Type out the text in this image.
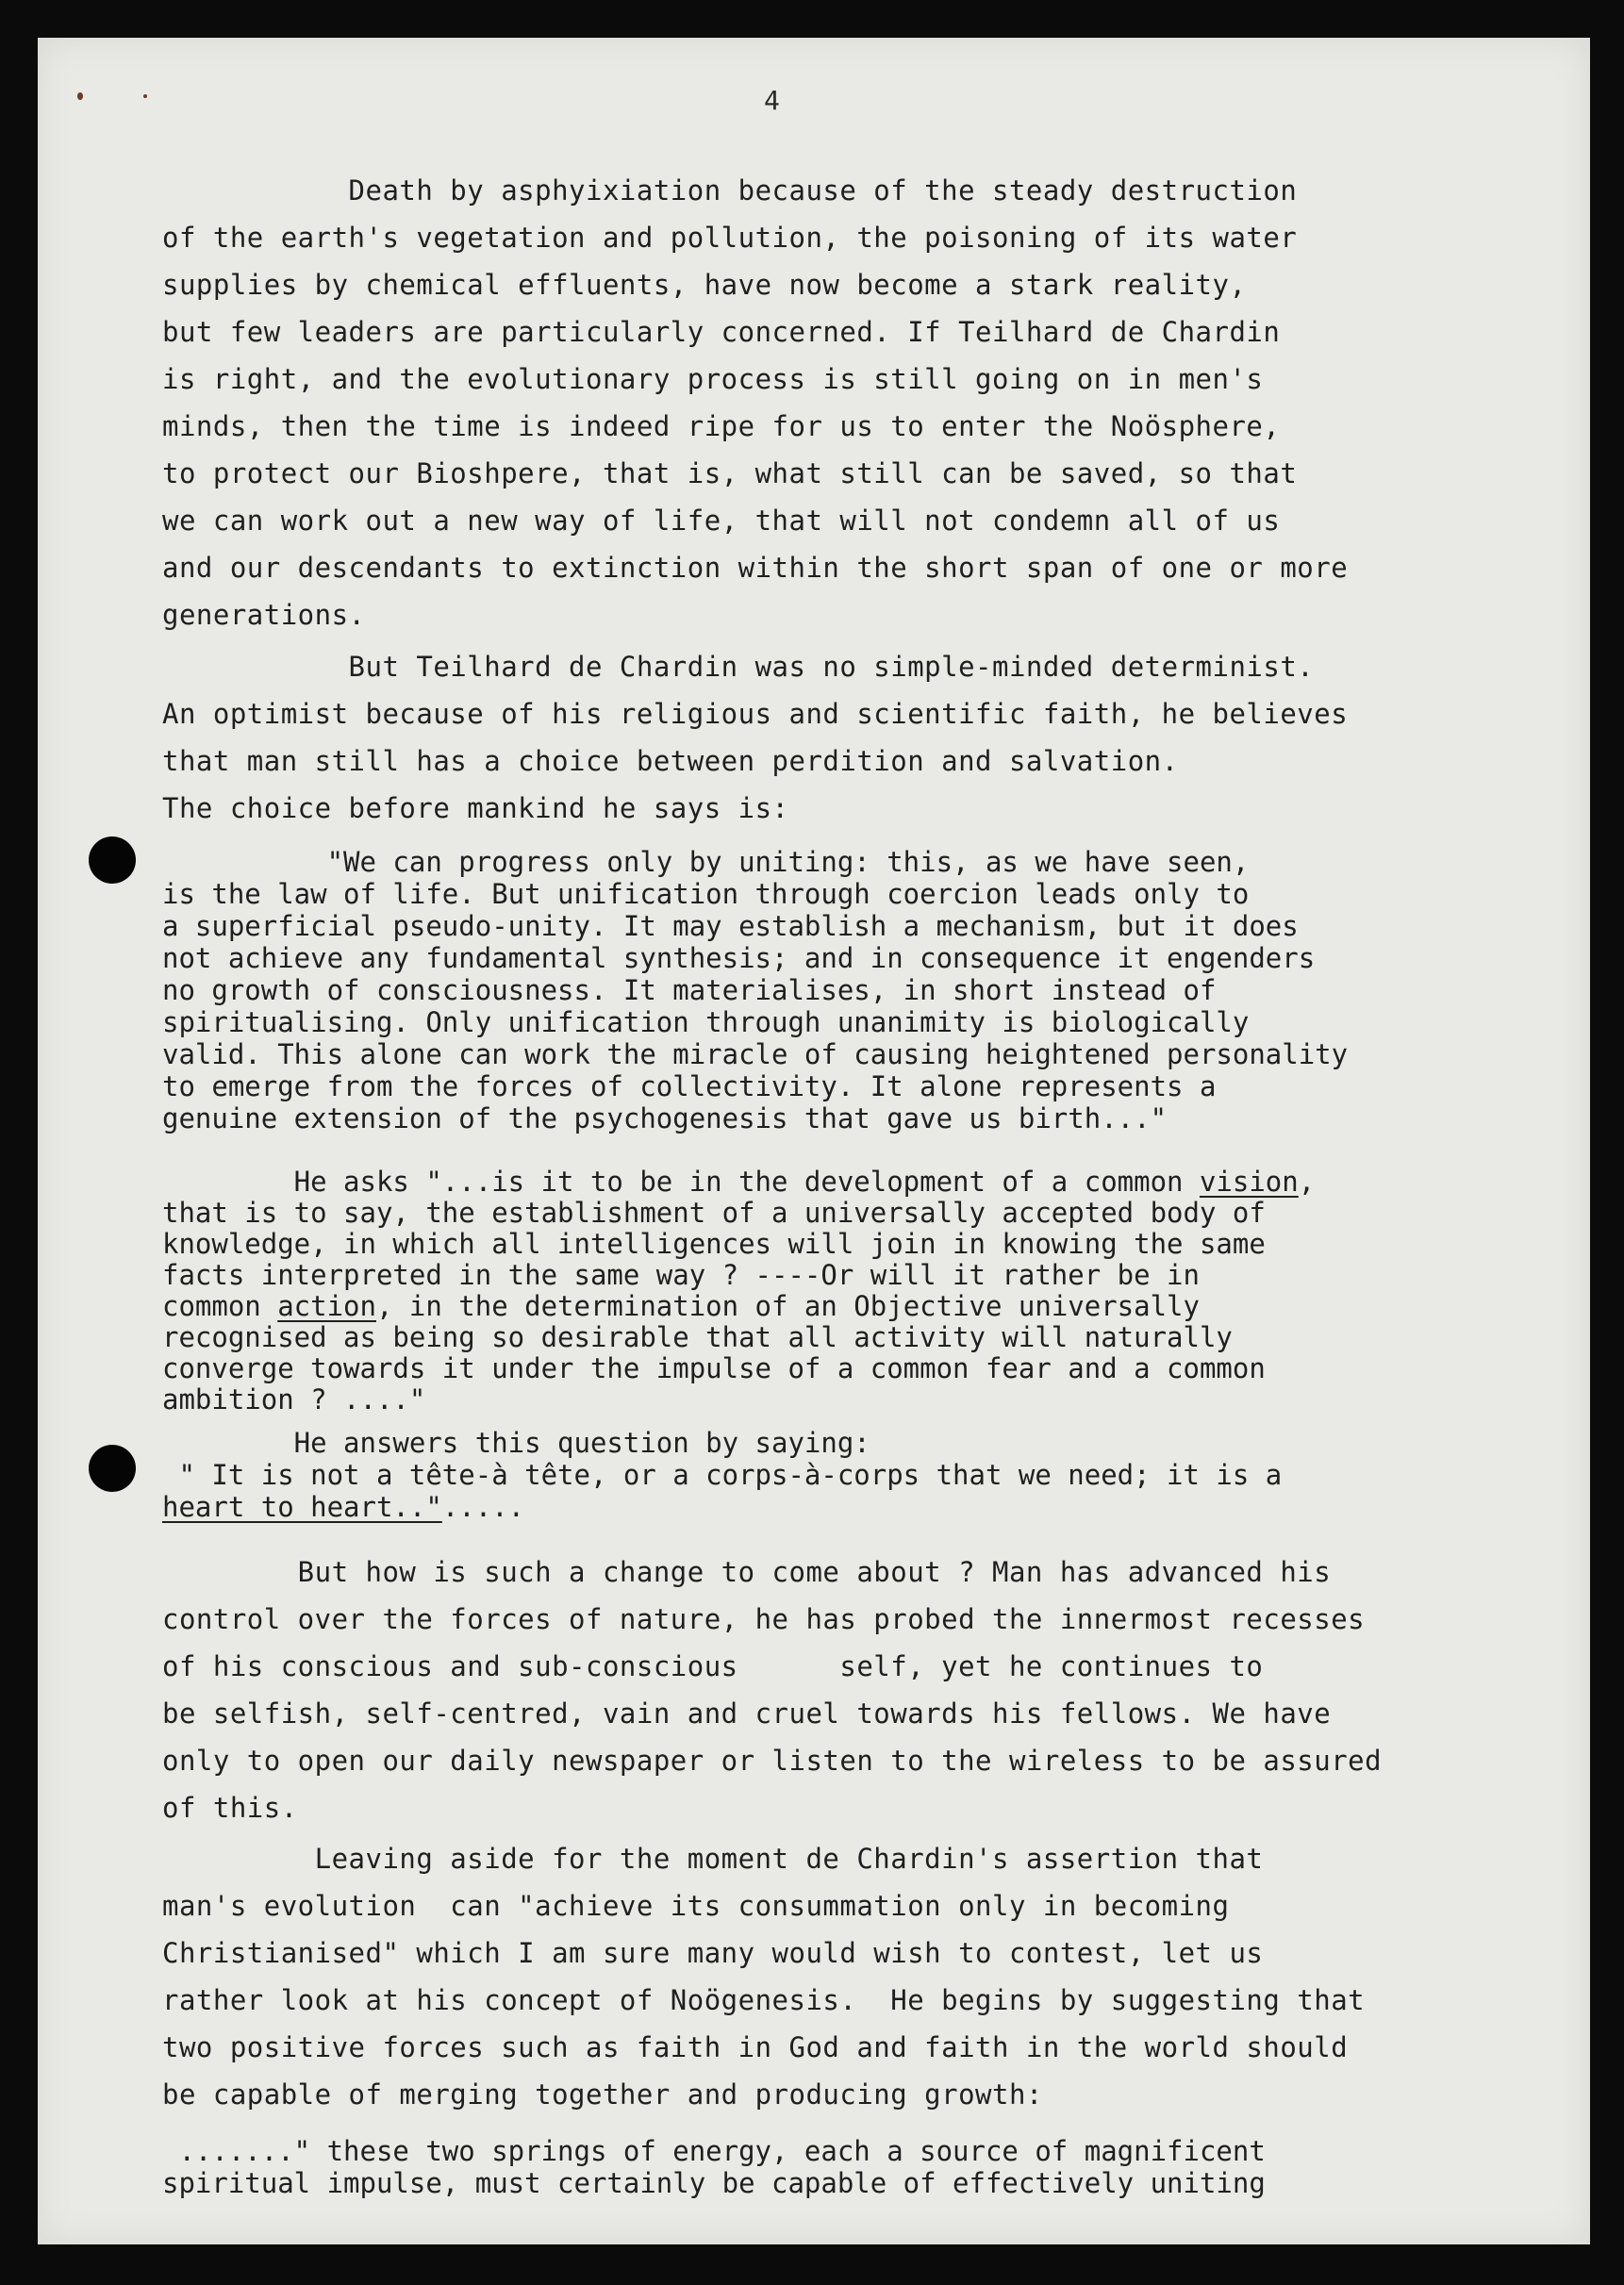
4
Death by asphyixiation because of the steady destruction
of the earth's vegetation and pollution, the poisoning of its water
supplies by chemical effluents, have now become a stark reality,
but few leaders are particularly concerned. If Teilhard de Chardin
is right, and the evolutionary process is still going on in men's
minds, then the time is indeed ripe for us to enter the Noösphere,
to protect our Bioshpere, that is, what still can be saved, so that
we can work out a new way of life, that will not condemn all of us
and our descendants to extinction within the short span of one or more
generations.
But Teilhard de Chardin was no simple-minded determinist.
An optimist because of his religious and scientific faith, he believes
that man still has a choice between perdition and salvation.
The choice before mankind he says is:
"We can progress only by uniting: this, as we have seen,
is the law of life. But unification through coercion leads only to
a superficial pseudo-unity. It may establish a mechanism, but it does
not achieve any fundamental synthesis; and in consequence it engenders
no growth of consciousness. It materialises, in short instead of
spiritualising. Only unification through unanimity is biologically
valid. This alone can work the miracle of causing heightened personality
to emerge from the forces of collectivity. It alone represents a
genuine extension of the psychogenesis that gave us birth..."
He asks "...is it to be in the development of a common vision,
that is to say, the establishment of a universally accepted body of
knowledge, in which all intelligences will join in knowing the same
facts interpreted in the same way ? ----Or will it rather be in
common action, in the determination of an Objective universally
recognised as being so desirable that all activity will naturally
converge towards it under the impulse of a common fear and a common
ambition ? ...."
He answers this question by saying:
" It is not a tête-à tête, or a corps-à-corps that we need; it is a
heart to heart..".....
But how is such a change to come about ? Man has advanced his
control over the forces of nature, he has probed the innermost recesses
of his conscious and sub-conscious      self, yet he continues to
be selfish, self-centred, vain and cruel towards his fellows. We have
only to open our daily newspaper or listen to the wireless to be assured
of this.
Leaving aside for the moment de Chardin's assertion that
man's evolution  can "achieve its consummation only in becoming
Christianised" which I am sure many would wish to contest, let us
rather look at his concept of Noögenesis.  He begins by suggesting that
two positive forces such as faith in God and faith in the world should
be capable of merging together and producing growth:
......." these two springs of energy, each a source of magnificent
spiritual impulse, must certainly be capable of effectively uniting
